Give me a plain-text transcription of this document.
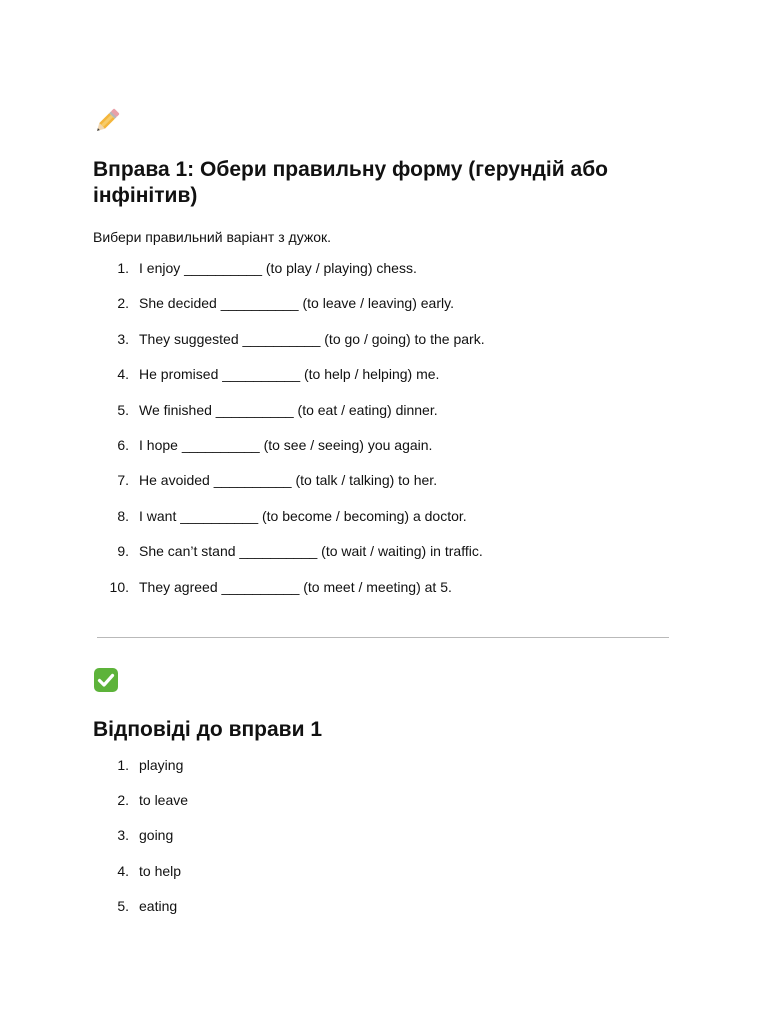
Вправа 1: Обери правильну форму (герундій або інфінітив)

Вибери правильний варіант з дужок.

1. I enjoy __________ (to play / playing) chess.
2. She decided __________ (to leave / leaving) early.
3. They suggested __________ (to go / going) to the park.
4. He promised __________ (to help / helping) me.
5. We finished __________ (to eat / eating) dinner.
6. I hope __________ (to see / seeing) you again.
7. He avoided __________ (to talk / talking) to her.
8. I want __________ (to become / becoming) a doctor.
9. She can’t stand __________ (to wait / waiting) in traffic.
10. They agreed __________ (to meet / meeting) at 5.
Відповіді до вправи 1
1. playing
2. to leave
3. going
4. to help
5. eating
